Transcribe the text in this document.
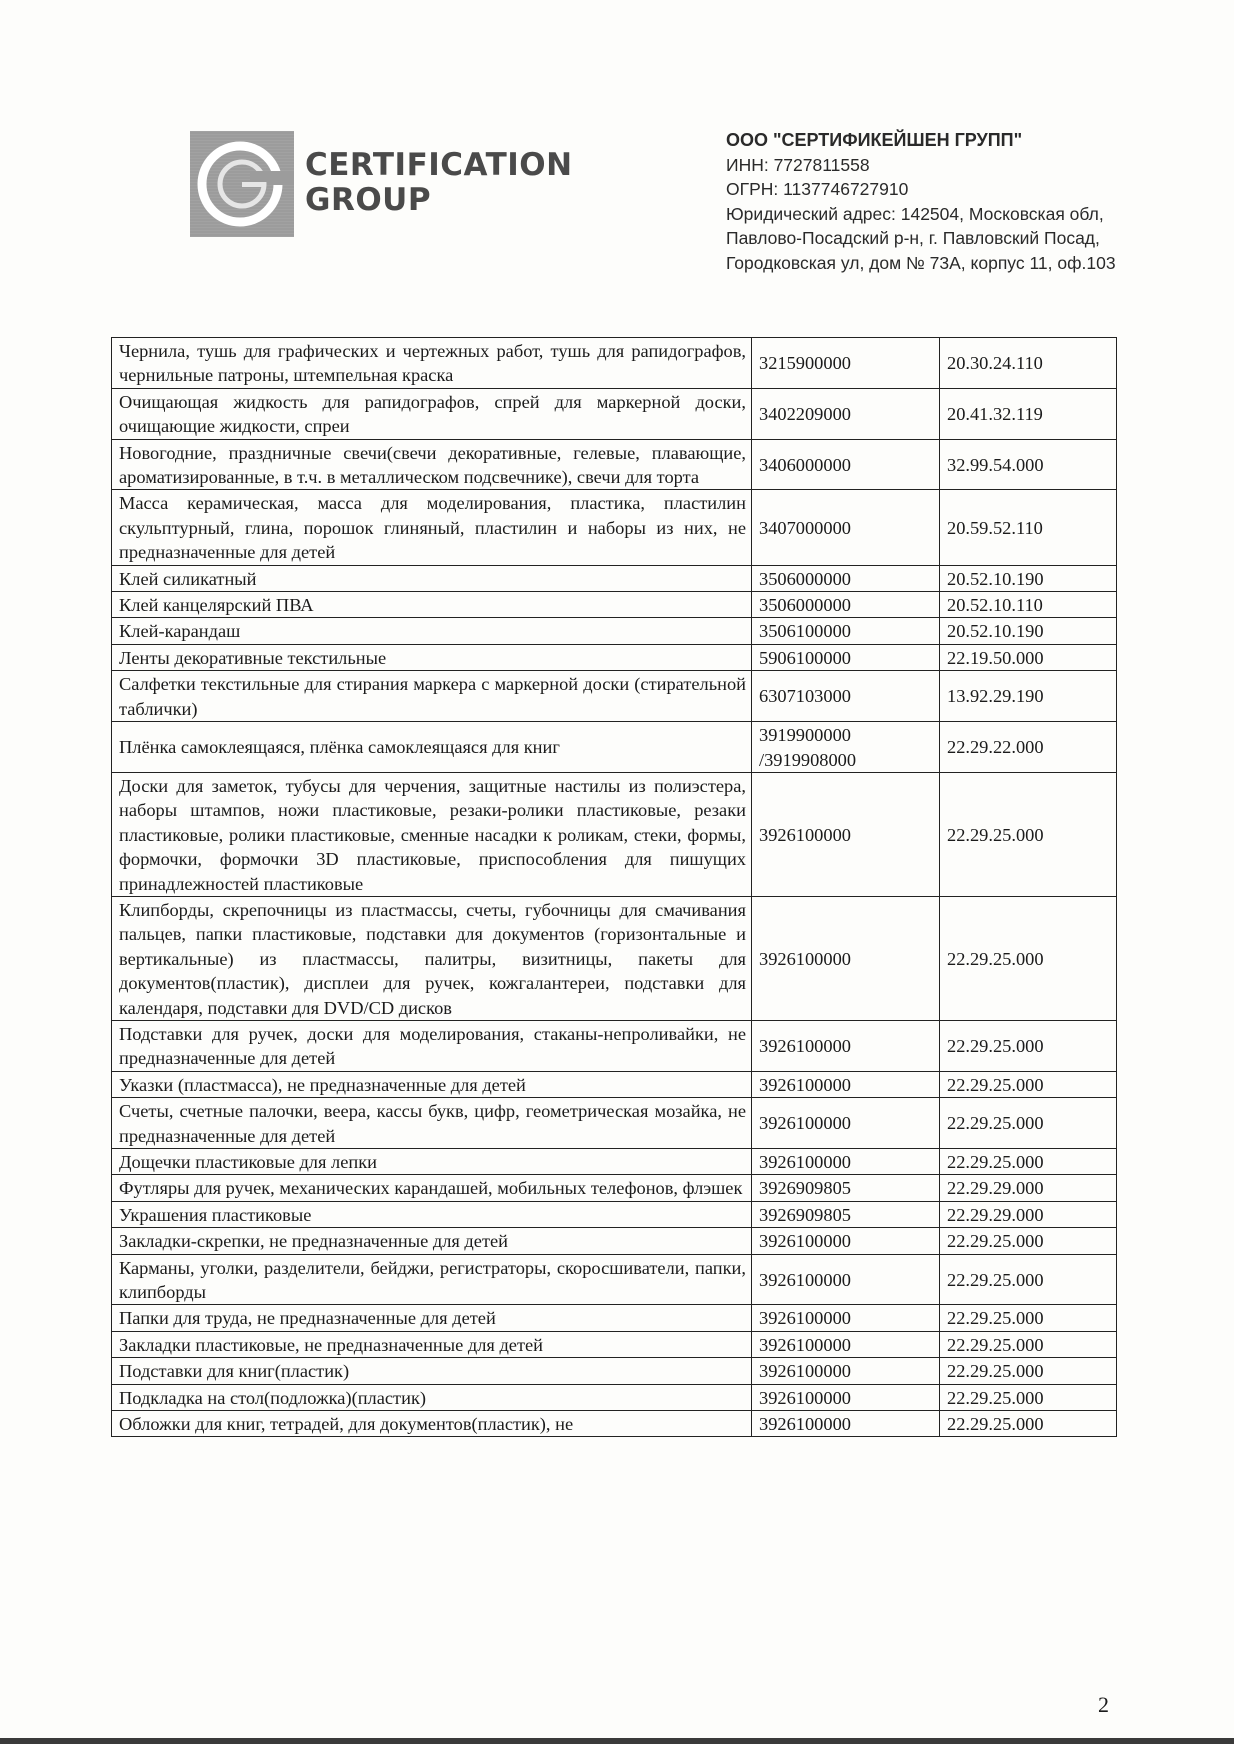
CERTIFICATION
GROUP
ООО "СЕРТИФИКЕЙШЕН ГРУПП"
ИНН: 7727811558
ОГРН: 1137746727910
Юридический адрес: 142504, Московская обл,
Павлово-Посадский р-н, г. Павловский Посад,
Городковская ул, дом № 73А, корпус 11, оф.103
Чернила, тушь для графических и чертежных работ, тушь для рапидографов, чернильные патроны, штемпельная краска	3215900000	20.30.24.110
Очищающая жидкость для рапидографов, спрей для маркерной доски, очищающие жидкости, спреи	3402209000	20.41.32.119
Новогодние, праздничные свечи(свечи декоративные, гелевые, плавающие, ароматизированные, в т.ч. в металлическом подсвечнике), свечи для торта	3406000000	32.99.54.000
Масса керамическая, масса для моделирования, пластика, пластилин скульптурный, глина, порошок глиняный, пластилин и наборы из них, не предназначенные для детей	3407000000	20.59.52.110
Клей силикатный	3506000000	20.52.10.190
Клей канцелярский ПВА	3506000000	20.52.10.110
Клей-карандаш	3506100000	20.52.10.190
Ленты декоративные текстильные	5906100000	22.19.50.000
Салфетки текстильные для стирания маркера с маркерной доски (стирательной таблички)	6307103000	13.92.29.190
Плёнка самоклеящаяся, плёнка самоклеящаяся для книг	3919900000 /3919908000	22.29.22.000
Доски для заметок, тубусы для черчения, защитные настилы из полиэстера, наборы штампов, ножи пластиковые, резаки-ролики пластиковые, резаки пластиковые, ролики пластиковые, сменные насадки к роликам, стеки, формы, формочки, формочки 3D пластиковые, приспособления для пишущих принадлежностей пластиковые	3926100000	22.29.25.000
Клипборды, скрепочницы из пластмассы, счеты, губочницы для смачивания пальцев, папки пластиковые, подставки для документов (горизонтальные и вертикальные) из пластмассы, палитры, визитницы, пакеты для документов(пластик), дисплеи для ручек, кожгалантереи, подставки для календаря, подставки для DVD/CD дисков	3926100000	22.29.25.000
Подставки для ручек, доски для моделирования, стаканы-непроливайки, не предназначенные для детей	3926100000	22.29.25.000
Указки (пластмасса), не предназначенные для детей	3926100000	22.29.25.000
Счеты, счетные палочки, веера, кассы букв, цифр, геометрическая мозайка, не предназначенные для детей	3926100000	22.29.25.000
Дощечки пластиковые для лепки	3926100000	22.29.25.000
Футляры для ручек, механических карандашей, мобильных телефонов, флэшек	3926909805	22.29.29.000
Украшения пластиковые	3926909805	22.29.29.000
Закладки-скрепки, не предназначенные для детей	3926100000	22.29.25.000
Карманы, уголки, разделители, бейджи, регистраторы, скоросшиватели, папки, клипборды	3926100000	22.29.25.000
Папки для труда, не предназначенные для детей	3926100000	22.29.25.000
Закладки пластиковые, не предназначенные для детей	3926100000	22.29.25.000
Подставки для книг(пластик)	3926100000	22.29.25.000
Подкладка на стол(подложка)(пластик)	3926100000	22.29.25.000
Обложки для книг, тетрадей, для документов(пластик), не	3926100000	22.29.25.000
2
